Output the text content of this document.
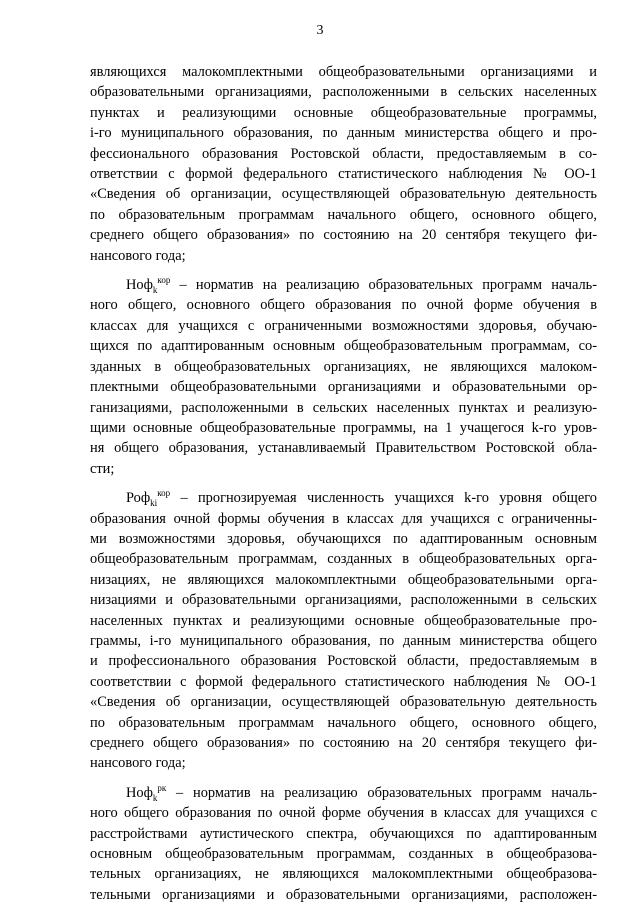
3

являющихся малокомплектными общеобразовательными организациями и
образовательными организациями, расположенными в сельских населенных
пунктах и реализующими основные общеобразовательные программы,
i-го муниципального образования, по данным министерства общего и про-
фессионального образования Ростовской области, предоставляемым в со-
ответствии с формой федерального статистического наблюдения № ОО-1
«Сведения об организации, осуществляющей образовательную деятельность
по образовательным программам начального общего, основного общего,
среднего общего образования» по состоянию на 20 сентября текущего фи-
нансового года;

Ноф$_k^{кор}$ – норматив на реализацию образовательных программ началь-
ного общего, основного общего образования по очной форме обучения в
классах для учащихся с ограниченными возможностями здоровья, обучаю-
щихся по адаптированным основным общеобразовательным программам, со-
зданных в общеобразовательных организациях, не являющихся малоком-
плектными общеобразовательными организациями и образовательными ор-
ганизациями, расположенными в сельских населенных пунктах и реализую-
щими основные общеобразовательные программы, на 1 учащегося k-го уров-
ня общего образования, устанавливаемый Правительством Ростовской обла-
сти;

Роф$_{ki}^{кор}$ – прогнозируемая численность учащихся k-го уровня общего
образования очной формы обучения в классах для учащихся с ограниченны-
ми возможностями здоровья, обучающихся по адаптированным основным
общеобразовательным программам, созданных в общеобразовательных орга-
низациях, не являющихся малокомплектными общеобразовательными орга-
низациями и образовательными организациями, расположенными в сельских
населенных пунктах и реализующими основные общеобразовательные про-
граммы, i-го муниципального образования, по данным министерства общего
и профессионального образования Ростовской области, предоставляемым в
соответствии с формой федерального статистического наблюдения № ОО-1
«Сведения об организации, осуществляющей образовательную деятельность
по образовательным программам начального общего, основного общего,
среднего общего образования» по состоянию на 20 сентября текущего фи-
нансового года;

Ноф$_k^{рк}$ – норматив на реализацию образовательных программ началь-
ного общего образования по очной форме обучения в классах для учащихся с
расстройствами аутистического спектра, обучающихся по адаптированным
основным общеобразовательным программам, созданных в общеобразова-
тельных организациях, не являющихся малокомплектными общеобразова-
тельными организациями и образовательными организациями, расположен-
